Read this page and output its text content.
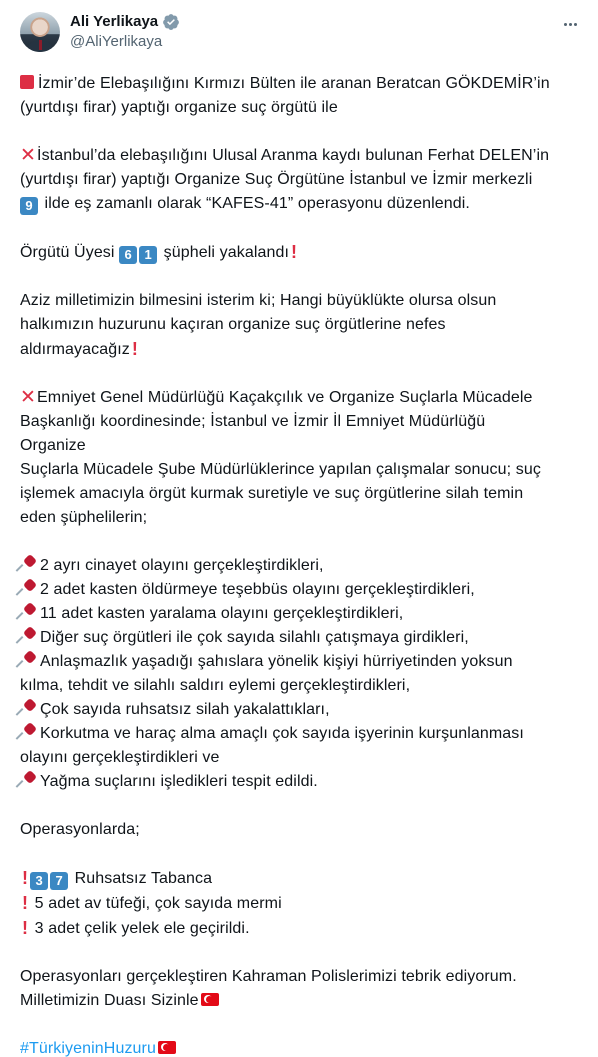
Ali Yerlikaya
@AliYerlikaya
İzmir’de Elebaşılığını Kırmızı Bülten ile aranan Beratcan GÖKDEMİR’in
(yurtdışı firar) yaptığı organize suç örgütü ile
✕İstanbul’da elebaşılığını Ulusal Aranma kaydı bulunan Ferhat DELEN’in
(yurtdışı firar) yaptığı Organize Suç Örgütüne İstanbul ve İzmir merkezli
9 ilde eş zamanlı olarak “KAFES-41” operasyonu düzenlendi.
Örgütü Üyesi 6 1 şüpheli yakalandı !
Aziz milletimizin bilmesini isterim ki; Hangi büyüklükte olursa olsun
halkımızın huzurunu kaçıran organize suç örgütlerine nefes
aldırmayacağız !
✕Emniyet Genel Müdürlüğü Kaçakçılık ve Organize Suçlarla Mücadele
Başkanlığı koordinesinde; İstanbul ve İzmir İl Emniyet Müdürlüğü
Organize
Suçlarla Mücadele Şube Müdürlüklerince yapılan çalışmalar sonucu; suç
işlemek amacıyla örgüt kurmak suretiyle ve suç örgütlerine silah temin
eden şüphelilerin;
2 ayrı cinayet olayını gerçekleştirdikleri,
2 adet kasten öldürmeye teşebbüs olayını gerçekleştirdikleri,
11 adet kasten yaralama olayını gerçekleştirdikleri,
Diğer suç örgütleri ile çok sayıda silahlı çatışmaya girdikleri,
Anlaşmazlık yaşadığı şahıslara yönelik kişiyi hürriyetinden yoksun
kılma, tehdit ve silahlı saldırı eylemi gerçekleştirdikleri,
Çok sayıda ruhsatsız silah yakalattıkları,
Korkutma ve haraç alma amaçlı çok sayıda işyerinin kurşunlanması
olayını gerçekleştirdikleri ve
Yağma suçlarını işledikleri tespit edildi.
Operasyonlarda;
! 3 7 Ruhsatsız Tabanca
! 5 adet av tüfeği, çok sayıda mermi
! 3 adet çelik yelek ele geçirildi.
Operasyonları gerçekleştiren Kahraman Polislerimizi tebrik ediyorum.
Milletimizin Duası Sizinle
#TürkiyeninHuzuru
